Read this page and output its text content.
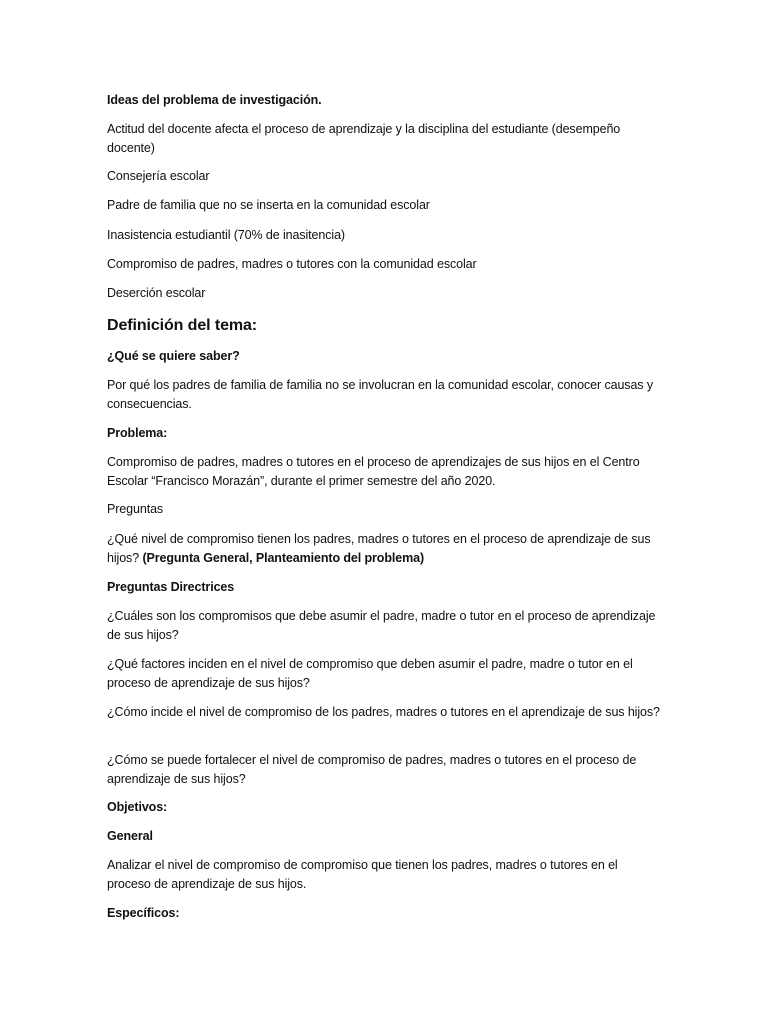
Ideas del problema de investigación.

Actitud del docente afecta el proceso de aprendizaje y la disciplina del estudiante (desempeño docente)

Consejería escolar

Padre de familia que no se inserta en la comunidad escolar

Inasistencia estudiantil (70% de inasitencia)

Compromiso de padres, madres o tutores con la comunidad escolar

Deserción escolar

Definición del tema:

¿Qué se quiere saber?

Por qué los padres de familia de familia no se involucran en la comunidad escolar, conocer causas y consecuencias.

Problema:

Compromiso de padres, madres o tutores en el proceso de aprendizajes de sus hijos en el Centro Escolar “Francisco Morazán”, durante el primer semestre del año 2020.

Preguntas

¿Qué nivel de compromiso tienen los padres, madres o tutores en el proceso de aprendizaje de sus hijos? (Pregunta General, Planteamiento del problema)

Preguntas Directrices

¿Cuáles son los compromisos que debe asumir el padre, madre o tutor en el proceso de aprendizaje de sus hijos?

¿Qué factores inciden en el nivel de compromiso que deben asumir el padre, madre o tutor en el proceso de aprendizaje de sus hijos?

¿Cómo incide el nivel de compromiso de los padres, madres o tutores en el aprendizaje de sus hijos?

¿Cómo se puede fortalecer el nivel de compromiso de padres, madres o tutores en el proceso de aprendizaje de sus hijos?

Objetivos:

General

Analizar el nivel de compromiso de compromiso que tienen los padres, madres o tutores en el proceso de aprendizaje de sus hijos.

Específicos:
